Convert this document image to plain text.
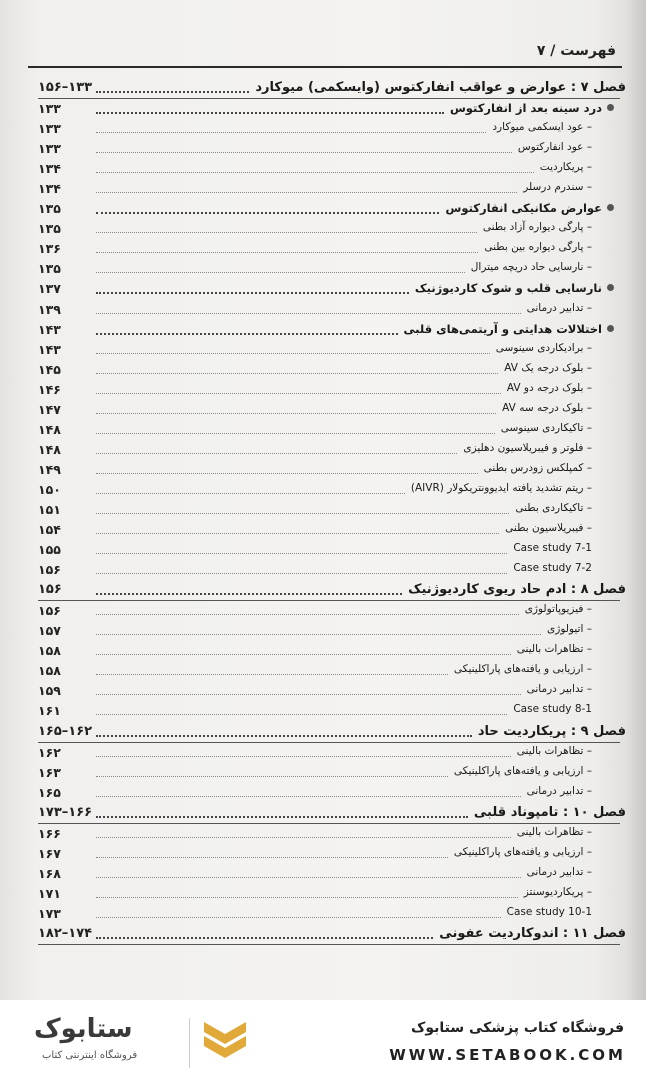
فهرست / ۷
۱۵۶–۱۳۳	فصل ۷ : عوارض و عواقب انفارکتوس (وایسکمی) میوکارد
۱۳۳	درد سینه بعد از انفارکتوس
۱۳۳	– عود ایسکمی میوکارد
۱۳۳	– عود انفارکتوس
۱۳۴	– پریکاردیت
۱۳۴	– سندرم درسلر
۱۳۵	عوارض مکانیکی انفارکتوس
۱۳۵	– پارگی دیواره آزاد بطنی
۱۳۶	– پارگی دیواره بین بطنی
۱۳۵	– نارسایی حاد دریچه میترال
۱۳۷	نارسایی قلب و شوک کاردیوژنیک
۱۳۹	– تدابیر درمانی
۱۴۳	اختلالات هدایتی و آریتمی‌های قلبی
۱۴۳	– برادیکاردی سینوسی
۱۴۵	– بلوک درجه یک AV
۱۴۶	– بلوک درجه دو AV
۱۴۷	– بلوک درجه سه AV
۱۴۸	– تاکیکاردی سینوسی
۱۴۸	– فلوتر و فیبریلاسیون دهلیزی
۱۴۹	– کمپلکس زودرس بطنی
۱۵۰	– ریتم تشدید یافته ایدیوونتریکولار (AIVR)
۱۵۱	– تاکیکاردی بطنی
۱۵۴	– فیبریلاسیون بطنی
۱۵۵	Case study 7-1
۱۵۶	Case study 7-2
۱۵۶	فصل ۸ : ادم حاد ریوی کاردیوژنیک
۱۵۶	– فیزیوپاتولوژی
۱۵۷	– اتیولوژی
۱۵۸	– تظاهرات بالینی
۱۵۸	– ارزیابی و یافته‌های پاراکلینیکی
۱۵۹	– تدابیر درمانی
۱۶۱	Case study 8-1
۱۶۵–۱۶۲	فصل ۹ : پریکاردیت حاد
۱۶۲	– تظاهرات بالینی
۱۶۳	– ارزیابی و یافته‌های پاراکلینیکی
۱۶۵	– تدابیر درمانی
۱۷۳–۱۶۶	فصل ۱۰ : تامپوناد قلبی
۱۶۶	– تظاهرات بالینی
۱۶۷	– ارزیابی و یافته‌های پاراکلینیکی
۱۶۸	– تدابیر درمانی
۱۷۱	– پریکاردیوسنتز
۱۷۳	Case study 10-1
۱۸۲–۱۷۴	فصل ۱۱ : اندوکاردیت عفونی
ستابوک
فروشگاه اینترنتی کتاب
فروشگاه کتاب پزشکی ستابوک
WWW.SETABOOK.COM
